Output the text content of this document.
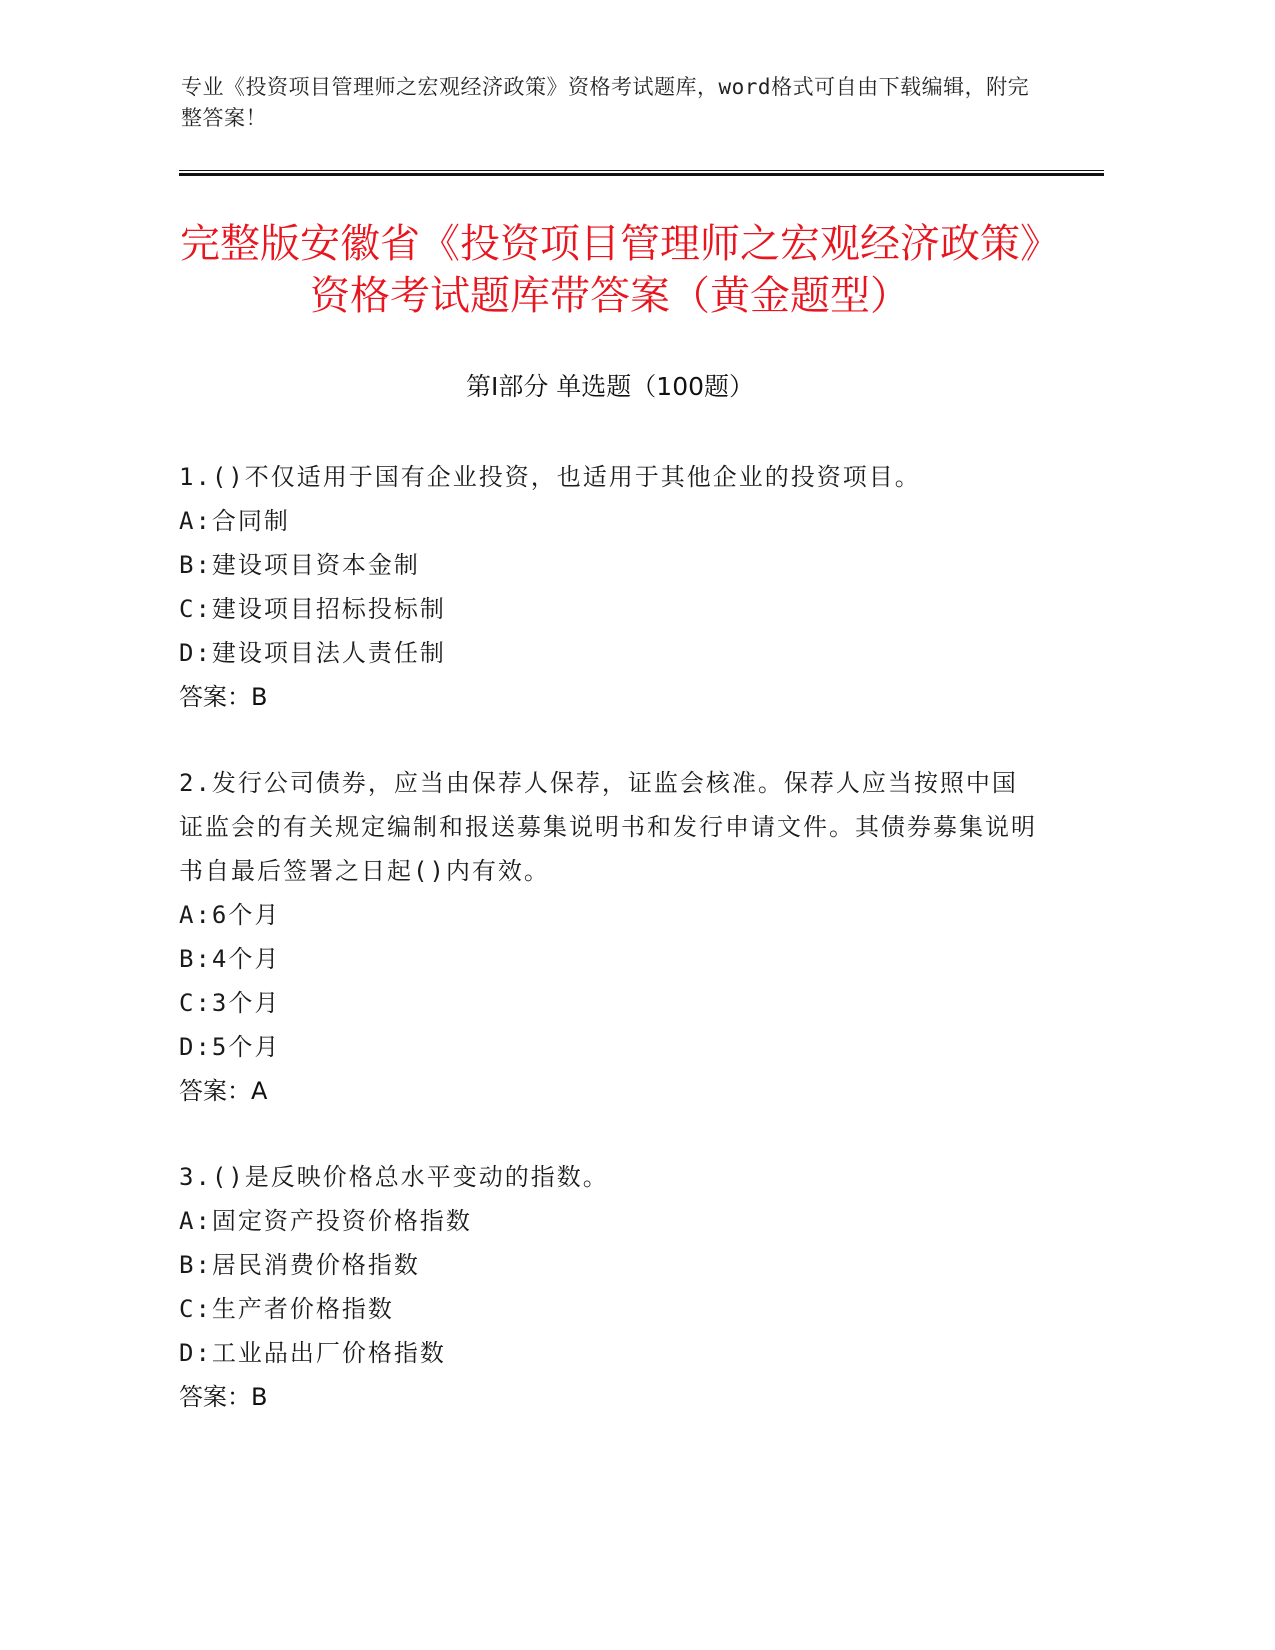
专业《投资项目管理师之宏观经济政策》资格考试题库，word格式可自由下载编辑，附完整答案！
完整版安徽省《投资项目管理师之宏观经济政策》资格考试题库带答案（黄金题型）
第I部分 单选题（100题）

1.()不仅适用于国有企业投资，也适用于其他企业的投资项目。

A: 合同制

B: 建设项目资本金制

C: 建设项目招标投标制

D: 建设项目法人责任制

答案：B

2.发行公司债券，应当由保荐人保荐，证监会核准。保荐人应当按照中国证监会的有关规定编制和报送募集说明书和发行申请文件。其债券募集说明书自最后签署之日起()内有效。

A: 6个月

B: 4个月

C: 3个月

D: 5个月

答案：A

3.()是反映价格总水平变动的指数。

A: 固定资产投资价格指数

B: 居民消费价格指数

C: 生产者价格指数

D: 工业品出厂价格指数

答案：B
